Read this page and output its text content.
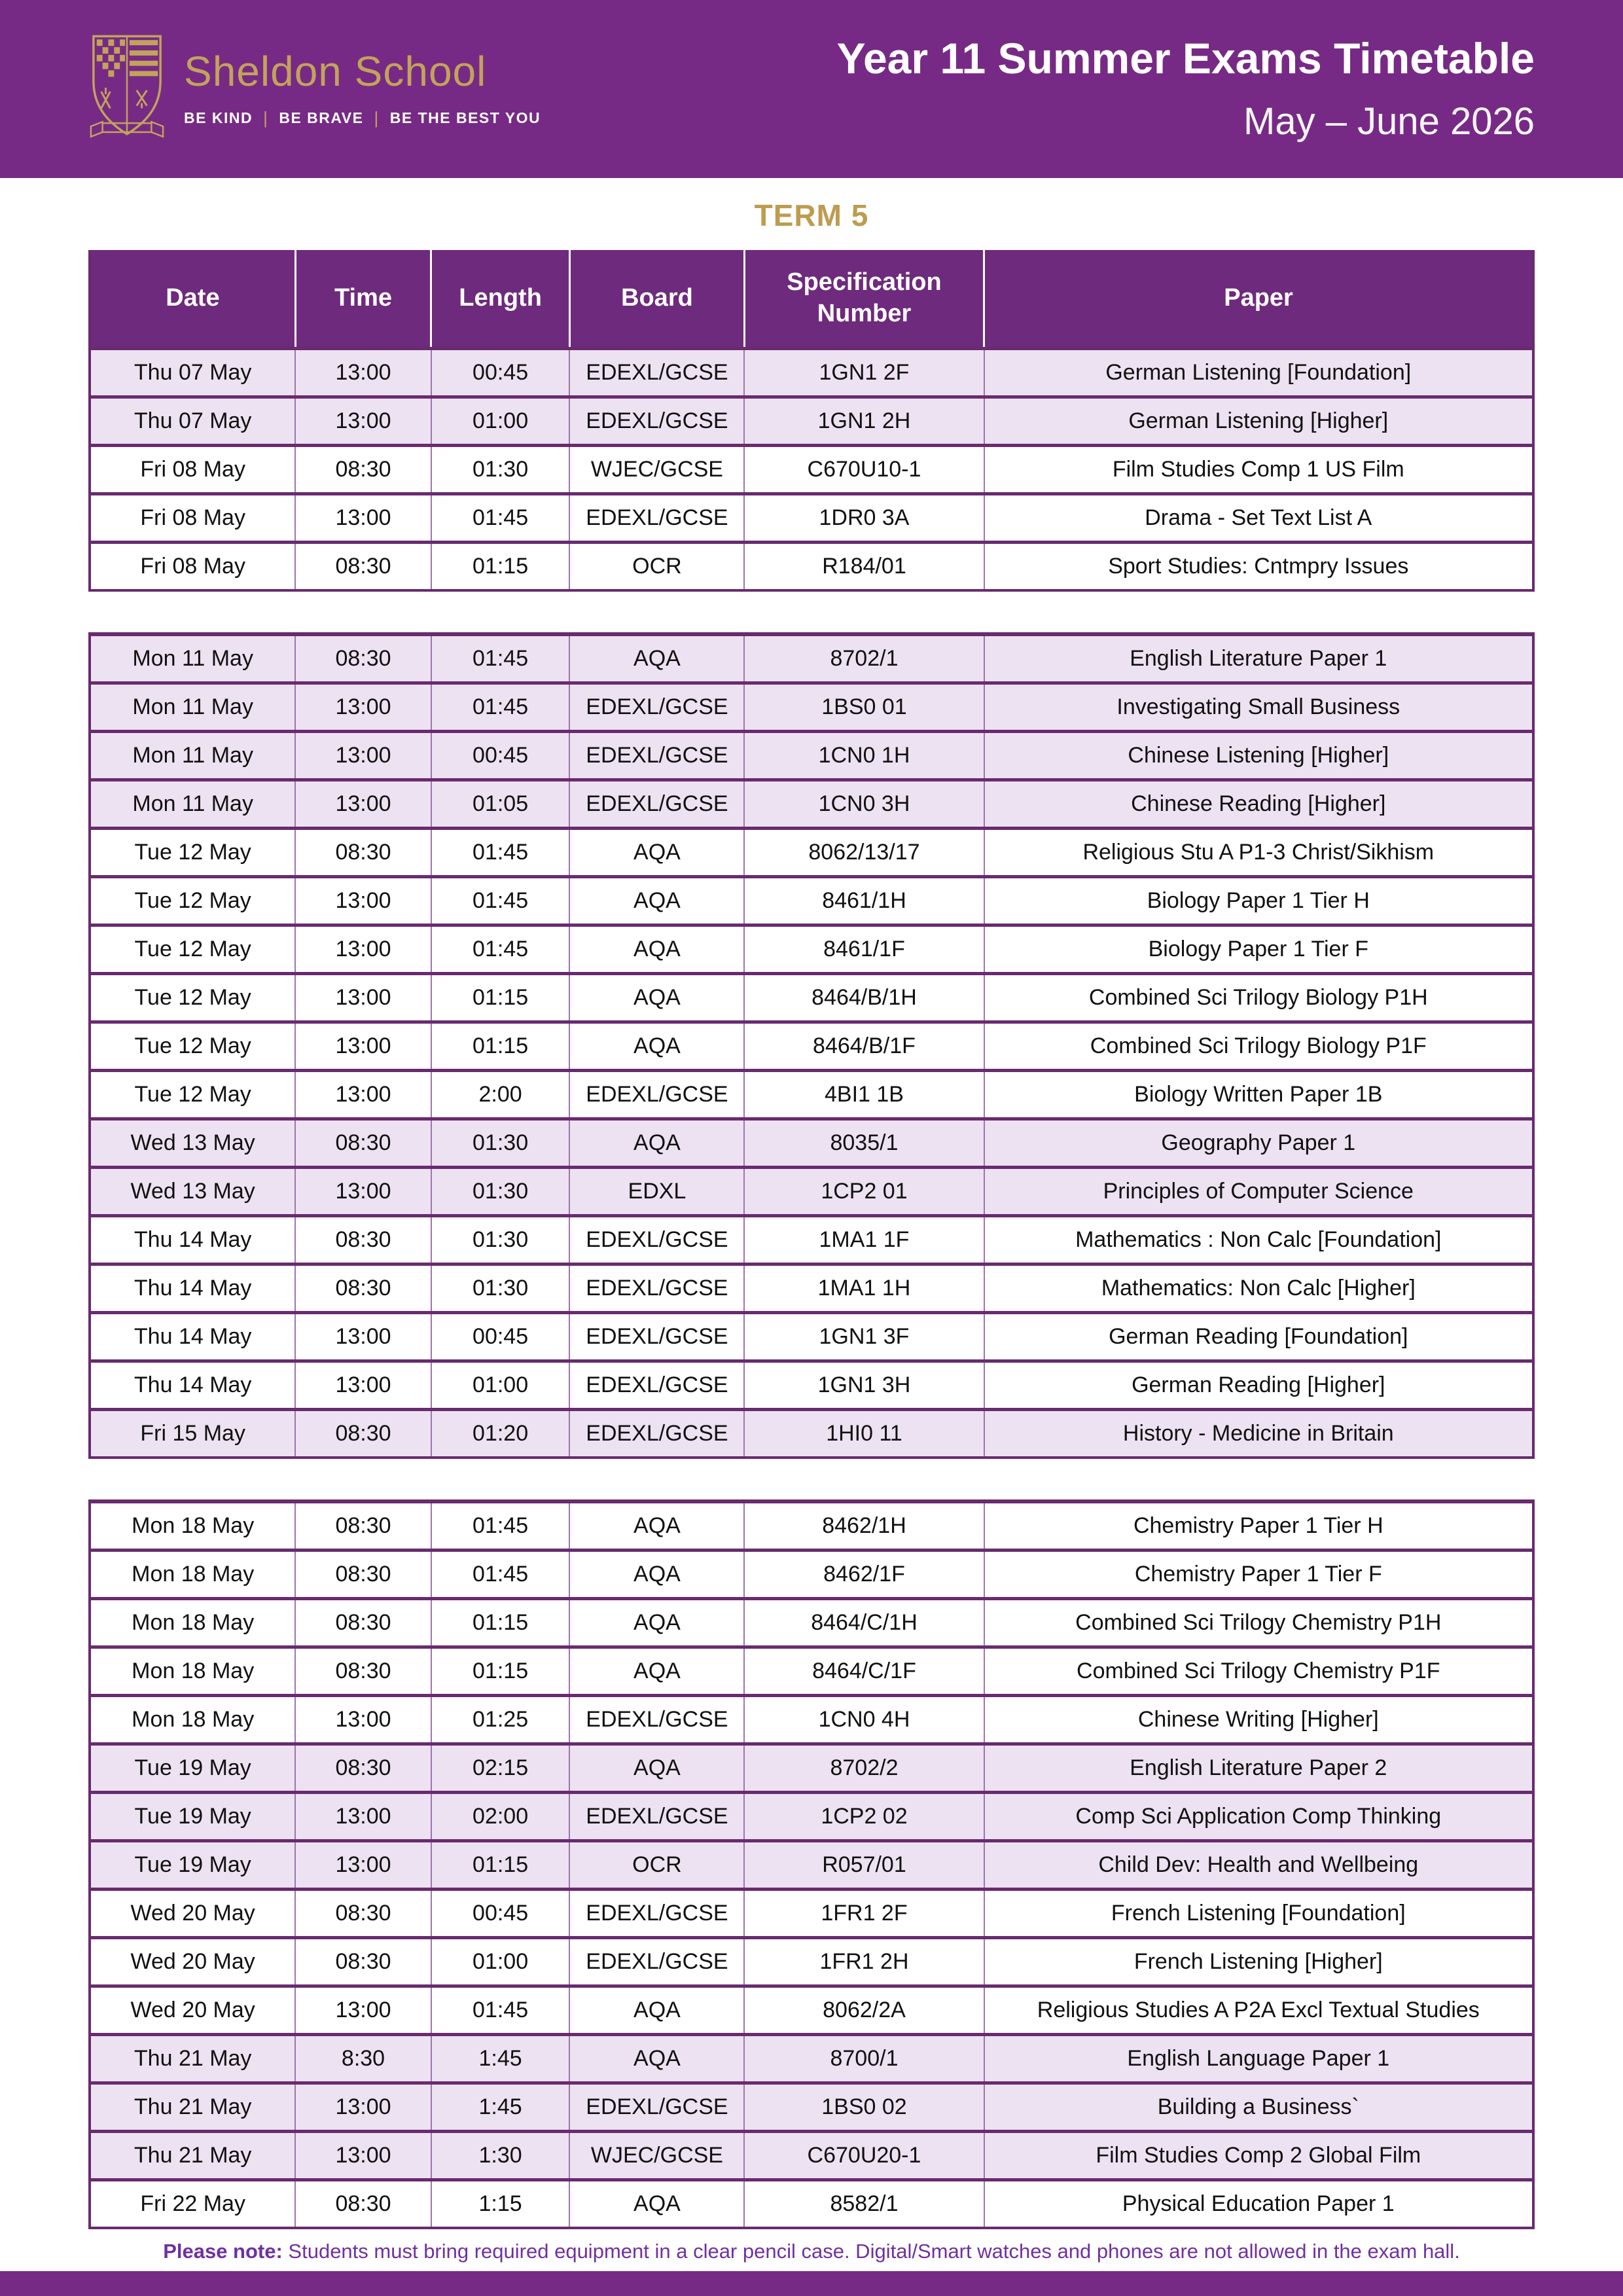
Sheldon School
BE KIND | BE BRAVE | BE THE BEST YOU
Year 11 Summer Exams Timetable
May – June 2026
TERM 5
Date	Time	Length	Board	Specification Number	Paper
Thu 07 May	13:00	00:45	EDEXL/GCSE	1GN1 2F	German Listening [Foundation]
Thu 07 May	13:00	01:00	EDEXL/GCSE	1GN1 2H	German Listening [Higher]
Fri 08 May	08:30	01:30	WJEC/GCSE	C670U10-1	Film Studies Comp 1 US Film
Fri 08 May	13:00	01:45	EDEXL/GCSE	1DR0 3A	Drama - Set Text List A
Fri 08 May	08:30	01:15	OCR	R184/01	Sport Studies: Cntmpry Issues
Mon 11 May	08:30	01:45	AQA	8702/1	English Literature Paper 1
Mon 11 May	13:00	01:45	EDEXL/GCSE	1BS0 01	Investigating Small Business
Mon 11 May	13:00	00:45	EDEXL/GCSE	1CN0 1H	Chinese Listening [Higher]
Mon 11 May	13:00	01:05	EDEXL/GCSE	1CN0 3H	Chinese Reading [Higher]
Tue 12 May	08:30	01:45	AQA	8062/13/17	Religious Stu A P1-3 Christ/Sikhism
Tue 12 May	13:00	01:45	AQA	8461/1H	Biology Paper 1 Tier H
Tue 12 May	13:00	01:45	AQA	8461/1F	Biology Paper 1 Tier F
Tue 12 May	13:00	01:15	AQA	8464/B/1H	Combined Sci Trilogy Biology P1H
Tue 12 May	13:00	01:15	AQA	8464/B/1F	Combined Sci Trilogy Biology P1F
Tue 12 May	13:00	2:00	EDEXL/GCSE	4BI1 1B	Biology Written Paper 1B
Wed 13 May	08:30	01:30	AQA	8035/1	Geography Paper 1
Wed 13 May	13:00	01:30	EDXL	1CP2 01	Principles of Computer Science
Thu 14 May	08:30	01:30	EDEXL/GCSE	1MA1 1F	Mathematics : Non Calc [Foundation]
Thu 14 May	08:30	01:30	EDEXL/GCSE	1MA1 1H	Mathematics: Non Calc [Higher]
Thu 14 May	13:00	00:45	EDEXL/GCSE	1GN1 3F	German Reading [Foundation]
Thu 14 May	13:00	01:00	EDEXL/GCSE	1GN1 3H	German Reading [Higher]
Fri 15 May	08:30	01:20	EDEXL/GCSE	1HI0 11	History - Medicine in Britain
Mon 18 May	08:30	01:45	AQA	8462/1H	Chemistry Paper 1 Tier H
Mon 18 May	08:30	01:45	AQA	8462/1F	Chemistry Paper 1 Tier F
Mon 18 May	08:30	01:15	AQA	8464/C/1H	Combined Sci Trilogy Chemistry P1H
Mon 18 May	08:30	01:15	AQA	8464/C/1F	Combined Sci Trilogy Chemistry P1F
Mon 18 May	13:00	01:25	EDEXL/GCSE	1CN0 4H	Chinese Writing [Higher]
Tue 19 May	08:30	02:15	AQA	8702/2	English Literature Paper 2
Tue 19 May	13:00	02:00	EDEXL/GCSE	1CP2 02	Comp Sci Application Comp Thinking
Tue 19 May	13:00	01:15	OCR	R057/01	Child Dev: Health and Wellbeing
Wed 20 May	08:30	00:45	EDEXL/GCSE	1FR1 2F	French Listening [Foundation]
Wed 20 May	08:30	01:00	EDEXL/GCSE	1FR1 2H	French Listening [Higher]
Wed 20 May	13:00	01:45	AQA	8062/2A	Religious Studies A P2A Excl Textual Studies
Thu 21 May	8:30	1:45	AQA	8700/1	English Language Paper 1
Thu 21 May	13:00	1:45	EDEXL/GCSE	1BS0 02	Building a Business`
Thu 21 May	13:00	1:30	WJEC/GCSE	C670U20-1	Film Studies Comp 2 Global Film
Fri 22 May	08:30	1:15	AQA	8582/1	Physical Education Paper 1

Please note: Students must bring required equipment in a clear pencil case. Digital/Smart watches and phones are not allowed in the exam hall.
